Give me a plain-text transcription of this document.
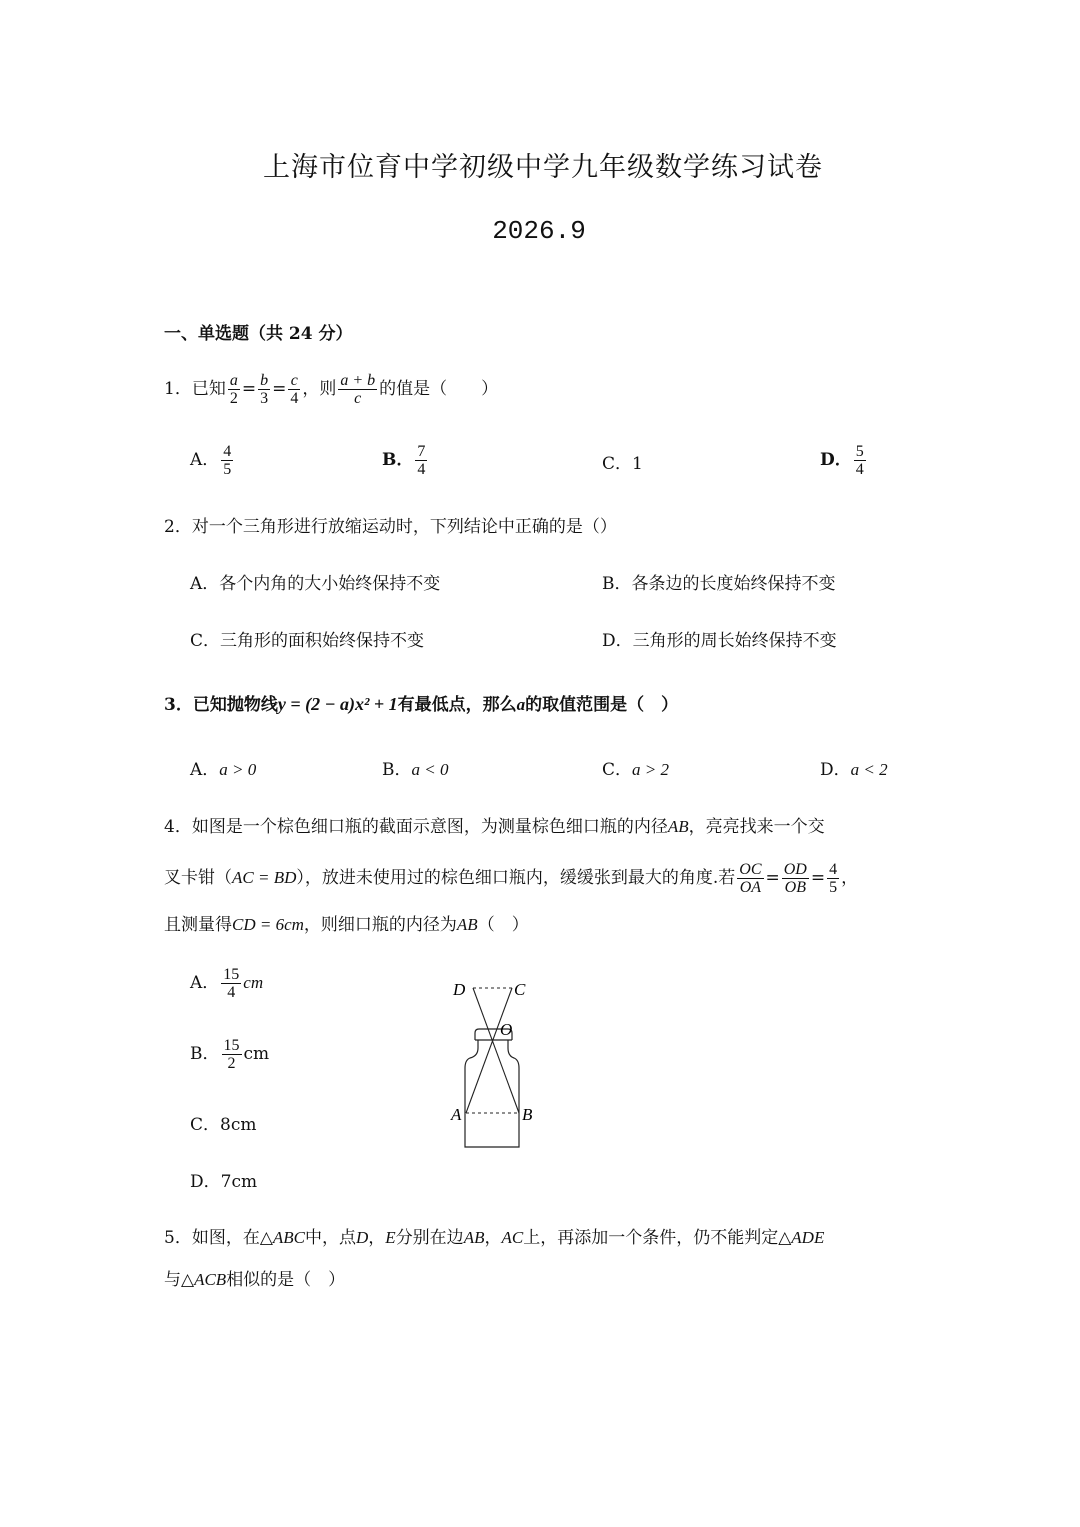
上海市位育中学初级中学九年级数学练习试卷
2026.9
一、单选题（共 24 分）
1．已知 $\frac{a}{2} = \frac{b}{3} = \frac{c}{4}$ ，则 $\frac{a + b}{c}$ 的值是（　　）
A． $\frac{4}{5}$	B． $\frac{7}{4}$	C．1	D． $\frac{5}{4}$
2．对一个三角形进行放缩运动时，下列结论中正确的是（）
A．各个内角的大小始终保持不变	B．各条边的长度始终保持不变
C．三角形的面积始终保持不变	D．三角形的周长始终保持不变
3．已知抛物线y = (2 − a)x² + 1有最低点，那么a的取值范围是（　）
A．a > 0	B．a < 0	C．a > 2	D．a < 2
4．如图是一个棕色细口瓶的截面示意图，为测量棕色细口瓶的内径AB，亮亮找来一个交
叉卡钳（AC = BD），放进未使用过的棕色细口瓶内，缓缓张到最大的角度.若 $\frac{OC}{OA} = \frac{OD}{OB} = \frac{4}{5}$ ，
且测量得CD = 6cm，则细口瓶的内径为AB（　）
A． $\frac{15}{4}$ cm
B． $\frac{15}{2}$ cm
C．8cm
D．7cm
D	C
O
A	B
5．如图，在△ABC中，点D，E分别在边AB，AC上，再添加一个条件，仍不能判定△ADE
与△ACB相似的是（　）
